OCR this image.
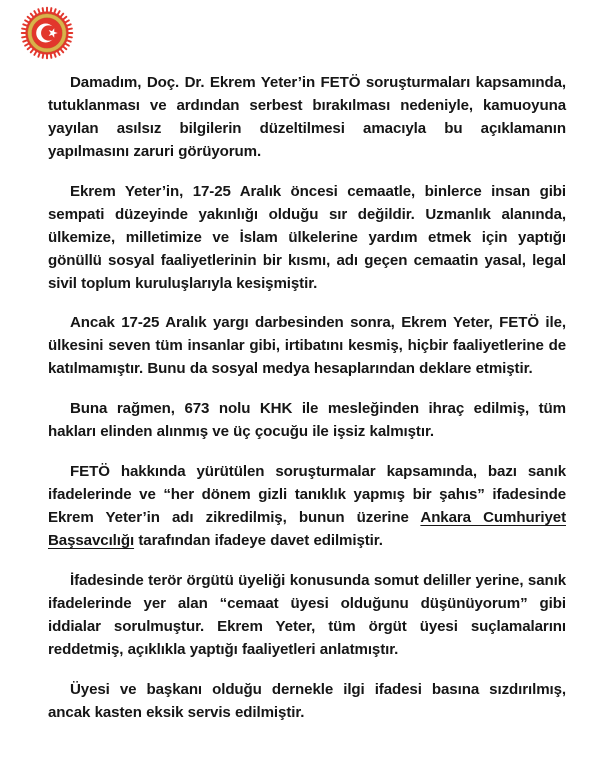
Damadım, Doç. Dr. Ekrem Yeter’in FETÖ soruşturmaları kapsamında, tutuklanması ve ardından serbest bırakılması nedeniyle, kamuoyuna yayılan asılsız bilgilerin düzeltilmesi amacıyla bu açıklamanın yapılmasını zaruri görüyorum.

Ekrem Yeter’in, 17-25 Aralık öncesi cemaatle, binlerce insan gibi sempati düzeyinde yakınlığı olduğu sır değildir. Uzmanlık alanında, ülkemize, milletimize ve İslam ülkelerine yardım etmek için yaptığı gönüllü sosyal faaliyetlerinin bir kısmı, adı geçen cemaatin yasal, legal sivil toplum kuruluşlarıyla kesişmiştir.

Ancak 17-25 Aralık yargı darbesinden sonra, Ekrem Yeter, FETÖ ile, ülkesini seven tüm insanlar gibi, irtibatını kesmiş, hiçbir faaliyetlerine de katılmamıştır. Bunu da sosyal medya hesaplarından deklare etmiştir.

Buna rağmen, 673 nolu KHK ile mesleğinden ihraç edilmiş, tüm hakları elinden alınmış ve üç çocuğu ile işsiz kalmıştır.

FETÖ hakkında yürütülen soruşturmalar kapsamında, bazı sanık ifadelerinde ve “her dönem gizli tanıklık yapmış bir şahıs” ifadesinde Ekrem Yeter’in adı zikredilmiş, bunun üzerine Ankara Cumhuriyet Başsavcılığı tarafından ifadeye davet edilmiştir.

İfadesinde terör örgütü üyeliği konusunda somut deliller yerine, sanık ifadelerinde yer alan “cemaat üyesi olduğunu düşünüyorum” gibi iddialar sorulmuştur. Ekrem Yeter, tüm örgüt üyesi suçlamalarını reddetmiş, açıklıkla yaptığı faaliyetleri anlatmıştır.

Üyesi ve başkanı olduğu dernekle ilgi ifadesi basına sızdırılmış, ancak kasten eksik servis edilmiştir.
